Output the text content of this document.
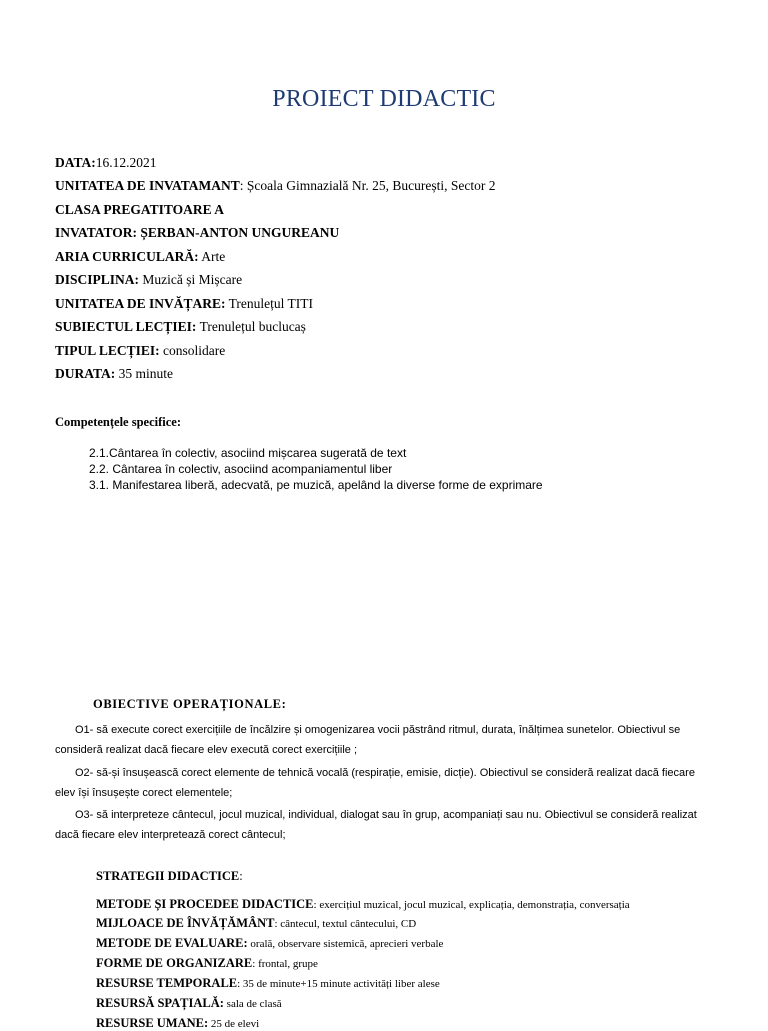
PROIECT DIDACTIC
DATA:16.12.2021
UNITATEA DE INVATAMANT: Școala Gimnazială Nr. 25, București, Sector 2
CLASA PREGATITOARE A
INVATATOR: ȘERBAN-ANTON UNGUREANU
ARIA CURRICULARĂ: Arte
DISCIPLINA: Muzică și Mișcare
UNITATEA DE INVĂȚARE: Trenulețul TITI
SUBIECTUL LECȚIEI: Trenulețul buclucaș
TIPUL LECȚIEI: consolidare
DURATA: 35 minute
Competențele specifice:
2.1.Cântarea în colectiv, asociind mișcarea sugerată de text
2.2. Cântarea în colectiv, asociind acompaniamentul liber
3.1. Manifestarea liberă, adecvată, pe muzică, apelând la diverse forme de exprimare
OBIECTIVE OPERAȚIONALE:
O1- să execute corect exercițiile de încălzire și omogenizarea vocii păstrând ritmul, durata, înălțimea sunetelor. Obiectivul se consideră realizat dacă fiecare elev execută corect exercițiile ;
O2- să-și însușească corect elemente de tehnică vocală (respirație, emisie, dicție). Obiectivul se consideră realizat dacă fiecare elev își însușește corect elementele;
O3- să interpreteze cântecul, jocul muzical, individual, dialogat sau în grup, acompaniați sau nu. Obiectivul se consideră realizat dacă fiecare elev interpretează corect cântecul;
STRATEGII DIDACTICE:
METODE ȘI PROCEDEE DIDACTICE: exercițiul muzical, jocul muzical, explicația, demonstrația, conversația
MIJLOACE DE ÎNVĂȚĂMÂNT: cântecul, textul cântecului, CD
METODE DE EVALUARE: orală, observare sistemică, aprecieri verbale
FORME DE ORGANIZARE: frontal, grupe
RESURSE TEMPORALE: 35 de minute+15 minute activități liber alese
RESURSĂ SPAȚIALĂ: sala de clasă
RESURSE UMANE: 25 de elevi
